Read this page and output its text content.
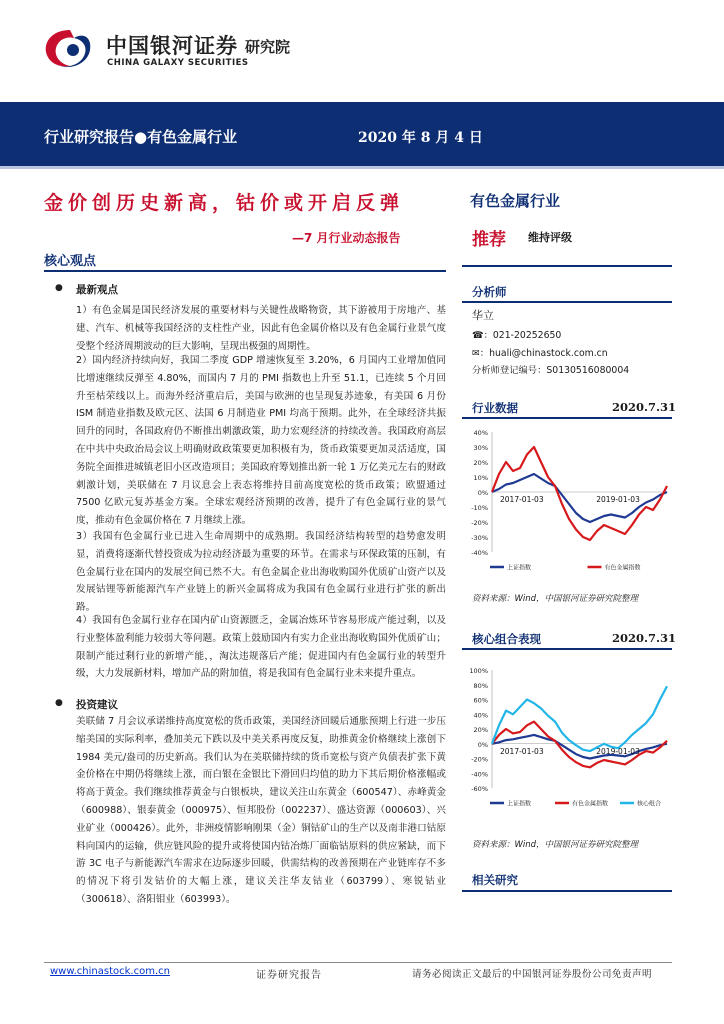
中国银河证券
CHINA GALAXY SECURITIES
研究院
行业研究报告●有色金属行业	2020 年 8 月 4 日
金价创历史新高，钴价或开启反弹
—7 月行业动态报告
核心观点
● 最新观点
1）有色金属是国民经济发展的重要材料与关键性战略物资，其下游被用于房地产、基建、汽车、机械等我国经济的支柱性产业，因此有色金属价格以及有色金属行业景气度受整个经济周期波动的巨大影响，呈现出极强的周期性。
2）国内经济持续向好，我国二季度 GDP 增速恢复至 3.20%，6 月国内工业增加值同比增速继续反弹至 4.80%，而国内 7 月的 PMI 指数也上升至 51.1，已连续 5 个月回升至枯荣线以上。而海外经济重启后，美国与欧洲的也呈现复苏迹象，有美国 6 月份 ISM 制造业指数及欧元区、法国 6 月制造业 PMI 均高于预期。此外，在全球经济共振回升的同时，各国政府仍不断推出刺激政策，助力宏观经济的持续改善。我国政府高层在中共中央政治局会议上明确财政政策要更加积极有为，货币政策要更加灵活适度，国务院全面推进城镇老旧小区改造项目；美国政府筹划推出新一轮 1 万亿美元左右的财政刺激计划，美联储在 7 月议息会上表态将维持目前高度宽松的货币政策；欧盟通过 7500 亿欧元复苏基金方案。全球宏观经济预期的改善，提升了有色金属行业的景气度，推动有色金属价格在 7 月继续上涨。
3）我国有色金属行业已进入生命周期中的成熟期。我国经济结构转型的趋势愈发明显，消费将逐渐代替投资成为拉动经济最为重要的环节。在需求与环保政策的压制，有色金属行业在国内的发展空间已然不大。有色金属企业出海收购国外优质矿山资产以及发展钴锂等新能源汽车产业链上的新兴金属将成为我国有色金属行业进行扩张的新出路。
4）我国有色金属行业存在国内矿山资源匮乏，金属冶炼环节容易形成产能过剩，以及行业整体盈利能力较弱大等问题。政策上鼓励国内有实力企业出海收购国外优质矿山；限制产能过剩行业的新增产能，，淘汰违规落后产能；促进国内有色金属行业的转型升级，大力发展新材料，增加产品的附加值，将是我国有色金属行业未来提升重点。
● 投资建议
美联储 7 月会议承诺维持高度宽松的货币政策，美国经济回暖后通胀预期上行进一步压缩美国的实际利率，叠加美元下跌以及中美关系再度反复，助推黄金价格继续上涨创下 1984 美元/盎司的历史新高。我们认为在美联储持续的货币宽松与资产负债表扩张下黄金价格在中期仍将继续上涨，而白银在金银比下滑回归均值的助力下其后期价格涨幅或将高于黄金。我们继续推荐黄金与白银板块，建议关注山东黄金（600547）、赤峰黄金（600988）、银泰黄金（000975）、恒邦股份（002237）、盛达资源（000603）、兴业矿业（000426）。此外，非洲疫情影响刚果（金）铜钴矿山的生产以及南非港口钴原料向国内的运输，供应链风险的提升或将使国内钴冶炼厂面临钴原料的供应紧缺，而下游 3C 电子与新能源汽车需求在边际逐步回暖，供需结构的改善预期在产业链库存不多的情况下将引发钴价的大幅上涨，建议关注华友钴业（603799）、寒锐钴业（300618）、洛阳钼业（603993）。
有色金属行业
推荐 维持评级
分析师
华立
☎：021-20252650
✉：huali@chinastock.com.cn
分析师登记编号：S0130516080004
行业数据	2020.7.31
40%
30%
20%
10%
0%
-10%
-20%
-30%
-40%
2017-01-03	2019-01-03
上证指数	有色金属指数
资料来源：Wind，中国银河证券研究院整理
核心组合表现	2020.7.31
100%
80%
60%
40%
20%
0%
-20%
-40%
-60%
2017-01-03	2019-01-03
上证指数	有色金属指数	核心组合
资料来源：Wind，中国银河证券研究院整理
相关研究
www.chinastock.com.cn	证券研究报告	请务必阅读正文最后的中国银河证券股份公司免责声明
